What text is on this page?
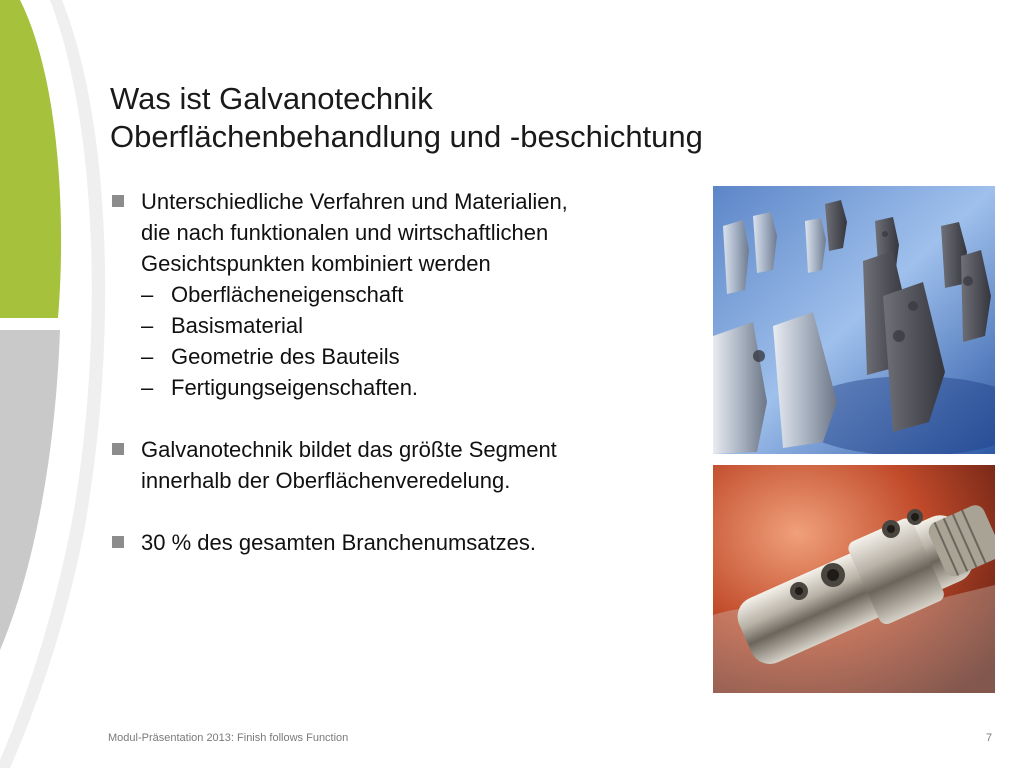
Was ist Galvanotechnik
Oberflächenbehandlung und -beschichtung
Unterschiedliche Verfahren und Materialien,
die nach funktionalen und wirtschaftlichen
Gesichtspunkten kombiniert werden
– Oberflächeneigenschaft
– Basismaterial
– Geometrie des Bauteils
– Fertigungseigenschaften.
Galvanotechnik bildet das größte Segment
innerhalb der Oberflächenveredelung.
30 % des gesamten Branchenumsatzes.
Modul-Präsentation 2013: Finish follows Function	7
